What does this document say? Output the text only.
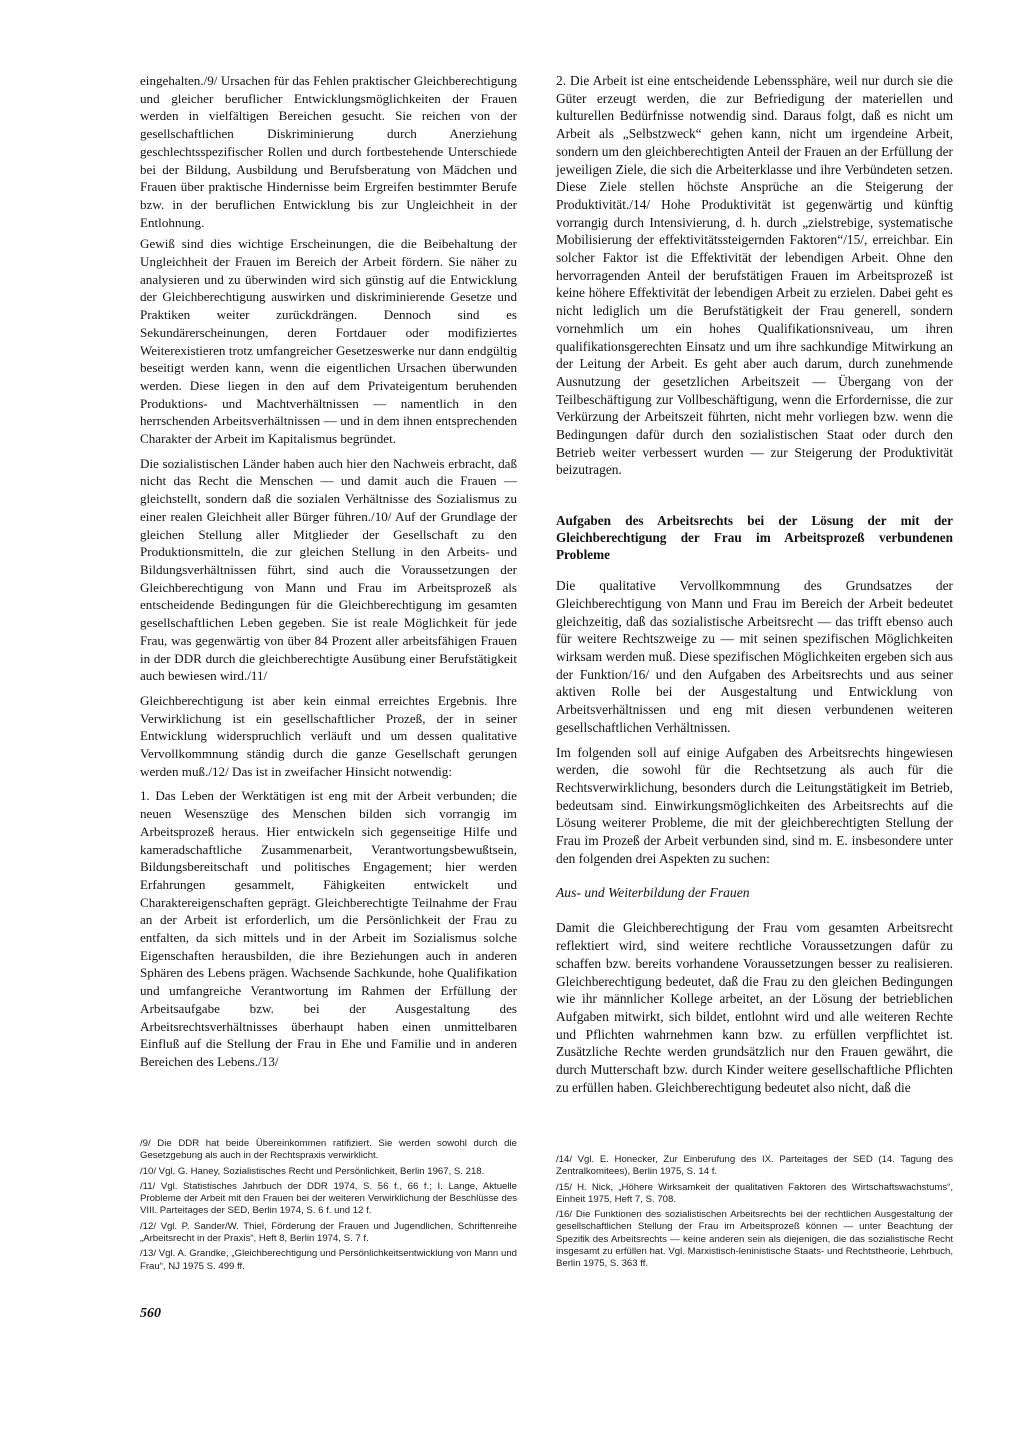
eingehalten./9/ Ursachen für das Fehlen praktischer Gleichberechtigung und gleicher beruflicher Entwicklungsmöglichkeiten der Frauen werden in vielfältigen Bereichen gesucht. Sie reichen von der gesellschaftlichen Diskriminierung durch Anerziehung geschlechtsspezifischer Rollen und durch fortbestehende Unterschiede bei der Bildung, Ausbildung und Berufsberatung von Mädchen und Frauen über praktische Hindernisse beim Ergreifen bestimmter Berufe bzw. in der beruflichen Entwicklung bis zur Ungleichheit in der Entlohnung.

Gewiß sind dies wichtige Erscheinungen, die die Beibehaltung der Ungleichheit der Frauen im Bereich der Arbeit fördern. Sie näher zu analysieren und zu überwinden wird sich günstig auf die Entwicklung der Gleichberechtigung auswirken und diskriminierende Gesetze und Praktiken weiter zurückdrängen. Dennoch sind es Sekundärerscheinungen, deren Fortdauer oder modifiziertes Weiterexistieren trotz umfangreicher Gesetzeswerke nur dann endgültig beseitigt werden kann, wenn die eigentlichen Ursachen überwunden werden. Diese liegen in den auf dem Privateigentum beruhenden Produktions- und Machtverhältnissen — namentlich in den herrschenden Arbeitsverhältnissen — und in dem ihnen entsprechenden Charakter der Arbeit im Kapitalismus begründet.

Die sozialistischen Länder haben auch hier den Nachweis erbracht, daß nicht das Recht die Menschen — und damit auch die Frauen — gleichstellt, sondern daß die sozialen Verhältnisse des Sozialismus zu einer realen Gleichheit aller Bürger führen./10/ Auf der Grundlage der gleichen Stellung aller Mitglieder der Gesellschaft zu den Produktionsmitteln, die zur gleichen Stellung in den Arbeits- und Bildungsverhältnissen führt, sind auch die Voraussetzungen der Gleichberechtigung von Mann und Frau im Arbeitsprozeß als entscheidende Bedingungen für die Gleichberechtigung im gesamten gesellschaftlichen Leben gegeben. Sie ist reale Möglichkeit für jede Frau, was gegenwärtig von über 84 Prozent aller arbeitsfähigen Frauen in der DDR durch die gleichberechtigte Ausübung einer Berufstätigkeit auch bewiesen wird./11/

Gleichberechtigung ist aber kein einmal erreichtes Ergebnis. Ihre Verwirklichung ist ein gesellschaftlicher Prozeß, der in seiner Entwicklung widerspruchlich verläuft und um dessen qualitative Vervollkommnung ständig durch die ganze Gesellschaft gerungen werden muß./12/ Das ist in zweifacher Hinsicht notwendig:

1. Das Leben der Werktätigen ist eng mit der Arbeit verbunden; die neuen Wesenszüge des Menschen bilden sich vorrangig im Arbeitsprozeß heraus. Hier entwickeln sich gegenseitige Hilfe und kameradschaftliche Zusammenarbeit, Verantwortungsbewußtsein, Bildungsbereitschaft und politisches Engagement; hier werden Erfahrungen gesammelt, Fähigkeiten entwickelt und Charaktereigenschaften geprägt. Gleichberechtigte Teilnahme der Frau an der Arbeit ist erforderlich, um die Persönlichkeit der Frau zu entfalten, da sich mittels und in der Arbeit im Sozialismus solche Eigenschaften herausbilden, die ihre Beziehungen auch in anderen Sphären des Lebens prägen. Wachsende Sachkunde, hohe Qualifikation und umfangreiche Verantwortung im Rahmen der Erfüllung der Arbeitsaufgabe bzw. bei der Ausgestaltung des Arbeitsrechtsverhältnisses überhaupt haben einen unmittelbaren Einfluß auf die Stellung der Frau in Ehe und Familie und in anderen Bereichen des Lebens./13/

2. Die Arbeit ist eine entscheidende Lebenssphäre, weil nur durch sie die Güter erzeugt werden, die zur Befriedigung der materiellen und kulturellen Bedürfnisse notwendig sind. Daraus folgt, daß es nicht um Arbeit als „Selbstzweck“ gehen kann, nicht um irgendeine Arbeit, sondern um den gleichberechtigten Anteil der Frauen an der Erfüllung der jeweiligen Ziele, die sich die Arbeiterklasse und ihre Verbündeten setzen. Diese Ziele stellen höchste Ansprüche an die Steigerung der Produktivität./14/ Hohe Produktivität ist gegenwärtig und künftig vorrangig durch Intensivierung, d. h. durch „zielstrebige, systematische Mobilisierung der effektivitätssteigernden Faktoren“/15/, erreichbar. Ein solcher Faktor ist die Effektivität der lebendigen Arbeit. Ohne den hervorragenden Anteil der berufstätigen Frauen im Arbeitsprozeß ist keine höhere Effektivität der lebendigen Arbeit zu erzielen. Dabei geht es nicht lediglich um die Berufstätigkeit der Frau generell, sondern vornehmlich um ein hohes Qualifikationsniveau, um ihren qualifikationsgerechten Einsatz und um ihre sachkundige Mitwirkung an der Leitung der Arbeit. Es geht aber auch darum, durch zunehmende Ausnutzung der gesetzlichen Arbeitszeit — Übergang von der Teilbeschäftigung zur Vollbeschäftigung, wenn die Erfordernisse, die zur Verkürzung der Arbeitszeit führten, nicht mehr vorliegen bzw. wenn die Bedingungen dafür durch den sozialistischen Staat oder durch den Betrieb weiter verbessert wurden — zur Steigerung der Produktivität beizutragen.

Aufgaben des Arbeitsrechts bei der Lösung der mit der Gleichberechtigung der Frau im Arbeitsprozeß verbundenen Probleme

Die qualitative Vervollkommnung des Grundsatzes der Gleichberechtigung von Mann und Frau im Bereich der Arbeit bedeutet gleichzeitig, daß das sozialistische Arbeitsrecht — das trifft ebenso auch für weitere Rechtszweige zu — mit seinen spezifischen Möglichkeiten wirksam werden muß. Diese spezifischen Möglichkeiten ergeben sich aus der Funktion/16/ und den Aufgaben des Arbeitsrechts und aus seiner aktiven Rolle bei der Ausgestaltung und Entwicklung von Arbeitsverhältnissen und eng mit diesen verbundenen weiteren gesellschaftlichen Verhältnissen.

Im folgenden soll auf einige Aufgaben des Arbeitsrechts hingewiesen werden, die sowohl für die Rechtsetzung als auch für die Rechtsverwirklichung, besonders durch die Leitungstätigkeit im Betrieb, bedeutsam sind. Einwirkungsmöglichkeiten des Arbeitsrechts auf die Lösung weiterer Probleme, die mit der gleichberechtigten Stellung der Frau im Prozeß der Arbeit verbunden sind, sind m. E. insbesondere unter den folgenden drei Aspekten zu suchen:

Aus- und Weiterbildung der Frauen

Damit die Gleichberechtigung der Frau vom gesamten Arbeitsrecht reflektiert wird, sind weitere rechtliche Voraussetzungen dafür zu schaffen bzw. bereits vorhandene Voraussetzungen besser zu realisieren. Gleichberechtigung bedeutet, daß die Frau zu den gleichen Bedingungen wie ihr männlicher Kollege arbeitet, an der Lösung der betrieblichen Aufgaben mitwirkt, sich bildet, entlohnt wird und alle weiteren Rechte und Pflichten wahrnehmen kann bzw. zu erfüllen verpflichtet ist. Zusätzliche Rechte werden grundsätzlich nur den Frauen gewährt, die durch Mutterschaft bzw. durch Kinder weitere gesellschaftliche Pflichten zu erfüllen haben. Gleichberechtigung bedeutet also nicht, daß die

/9/ Die DDR hat beide Übereinkommen ratifiziert. Sie werden sowohl durch die Gesetzgebung als auch in der Rechtspraxis verwirklicht.

/10/ Vgl. G. Haney, Sozialistisches Recht und Persönlichkeit, Berlin 1967, S. 218.

/11/ Vgl. Statistisches Jahrbuch der DDR 1974, S. 56 f., 66 f.; I. Lange, Aktuelle Probleme der Arbeit mit den Frauen bei der weiteren Verwirklichung der Beschlüsse des VIII. Parteitages der SED, Berlin 1974, S. 6 f. und 12 f.

/12/ Vgl. P. Sander/W. Thiel, Förderung der Frauen und Jugendlichen, Schriftenreihe „Arbeitsrecht in der Praxis“, Heft 8, Berlin 1974, S. 7 f.

/13/ Vgl. A. Grandke, „Gleichberechtigung und Persönlichkeitsentwicklung von Mann und Frau“, NJ 1975 S. 499 ff.

/14/ Vgl. E. Honecker, Zur Einberufung des IX. Parteitages der SED (14. Tagung des Zentralkomitees), Berlin 1975, S. 14 f.

/15/ H. Nick, „Höhere Wirksamkeit der qualitativen Faktoren des Wirtschaftswachstums“, Einheit 1975, Heft 7, S. 708.

/16/ Die Funktionen des sozialistischen Arbeitsrechts bei der rechtlichen Ausgestaltung der gesellschaftlichen Stellung der Frau im Arbeitsprozeß können — unter Beachtung der Spezifik des Arbeitsrechts — keine anderen sein als diejenigen, die das sozialistische Recht insgesamt zu erfüllen hat. Vgl. Marxistisch-leninistische Staats- und Rechtstheorie, Lehrbuch, Berlin 1975, S. 363 ff.

560
